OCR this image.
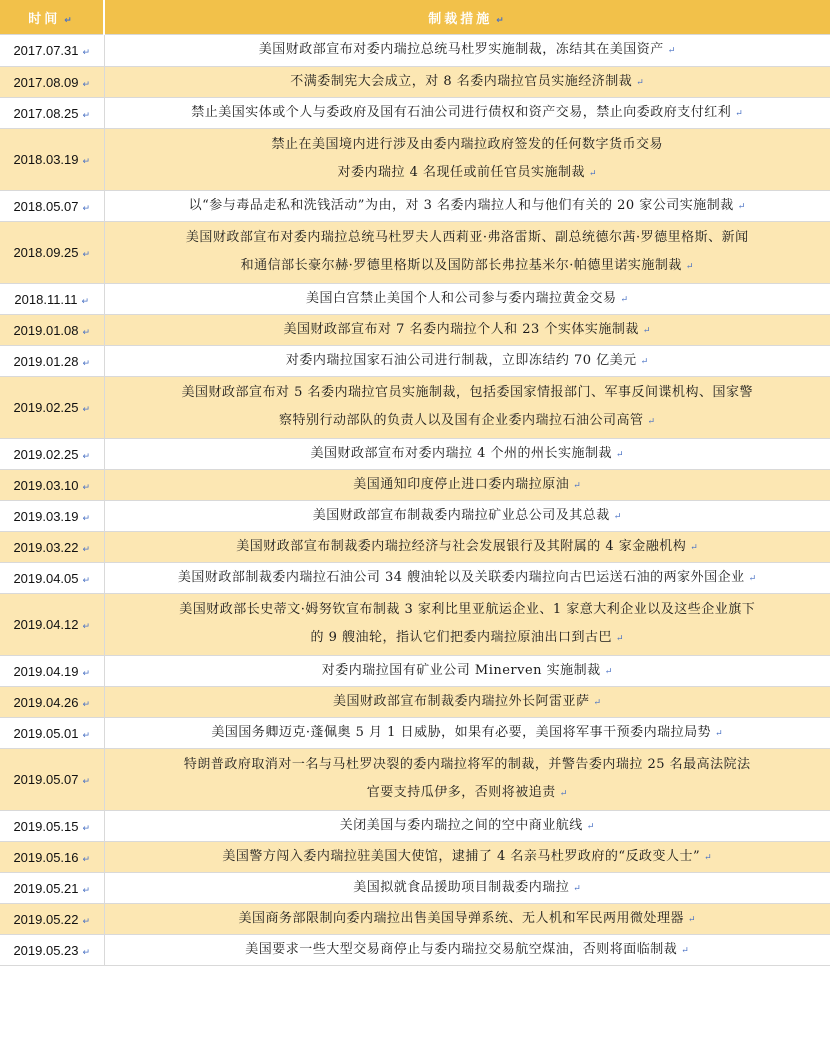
时间 ↵	制裁措施 ↵
2017.07.31 ↵	美国财政部宣布对委内瑞拉总统马杜罗实施制裁，冻结其在美国资产 ↵

2017.08.09 ↵	不满委制宪大会成立，对 8 名委内瑞拉官员实施经济制裁 ↵

2017.08.25 ↵	禁止美国实体或个人与委政府及国有石油公司进行债权和资产交易，禁止向委政府支付红利 ↵

2018.03.19 ↵	禁止在美国境内进行涉及由委内瑞拉政府签发的任何数字货币交易
对委内瑞拉 4 名现任或前任官员实施制裁 ↵

2018.05.07 ↵	以“参与毒品走私和洗钱活动”为由，对 3 名委内瑞拉人和与他们有关的 20 家公司实施制裁 ↵

2018.09.25 ↵	美国财政部宣布对委内瑞拉总统马杜罗夫人西莉亚·弗洛雷斯、副总统德尔茜·罗德里格斯、新闻
和通信部长豪尔赫·罗德里格斯以及国防部长弗拉基米尔·帕德里诺实施制裁 ↵

2018.11.11 ↵	美国白宫禁止美国个人和公司参与委内瑞拉黄金交易 ↵

2019.01.08 ↵	美国财政部宣布对 7 名委内瑞拉个人和 23 个实体实施制裁 ↵

2019.01.28 ↵	对委内瑞拉国家石油公司进行制裁，立即冻结约 70 亿美元 ↵

2019.02.25 ↵	美国财政部宣布对 5 名委内瑞拉官员实施制裁，包括委国家情报部门、军事反间谍机构、国家警
察特别行动部队的负责人以及国有企业委内瑞拉石油公司高管 ↵

2019.02.25 ↵	美国财政部宣布对委内瑞拉 4 个州的州长实施制裁 ↵

2019.03.10 ↵	美国通知印度停止进口委内瑞拉原油 ↵

2019.03.19 ↵	美国财政部宣布制裁委内瑞拉矿业总公司及其总裁 ↵

2019.03.22 ↵	美国财政部宣布制裁委内瑞拉经济与社会发展银行及其附属的 4 家金融机构 ↵

2019.04.05 ↵	美国财政部制裁委内瑞拉石油公司 34 艘油轮以及关联委内瑞拉向古巴运送石油的两家外国企业 ↵

2019.04.12 ↵	美国财政部长史蒂文·姆努钦宣布制裁 3 家利比里亚航运企业、1 家意大利企业以及这些企业旗下
的 9 艘油轮，指认它们把委内瑞拉原油出口到古巴 ↵

2019.04.19 ↵	对委内瑞拉国有矿业公司 Minerven 实施制裁 ↵

2019.04.26 ↵	美国财政部宣布制裁委内瑞拉外长阿雷亚萨 ↵

2019.05.01 ↵	美国国务卿迈克·蓬佩奥 5 月 1 日威胁，如果有必要，美国将军事干预委内瑞拉局势 ↵

2019.05.07 ↵	特朗普政府取消对一名与马杜罗决裂的委内瑞拉将军的制裁，并警告委内瑞拉 25 名最高法院法
官要支持瓜伊多，否则将被追责 ↵

2019.05.15 ↵	关闭美国与委内瑞拉之间的空中商业航线 ↵

2019.05.16 ↵	美国警方闯入委内瑞拉驻美国大使馆，逮捕了 4 名亲马杜罗政府的“反政变人士” ↵

2019.05.21 ↵	美国拟就食品援助项目制裁委内瑞拉 ↵

2019.05.22 ↵	美国商务部限制向委内瑞拉出售美国导弹系统、无人机和军民两用微处理器 ↵

2019.05.23 ↵	美国要求一些大型交易商停止与委内瑞拉交易航空煤油，否则将面临制裁 ↵
